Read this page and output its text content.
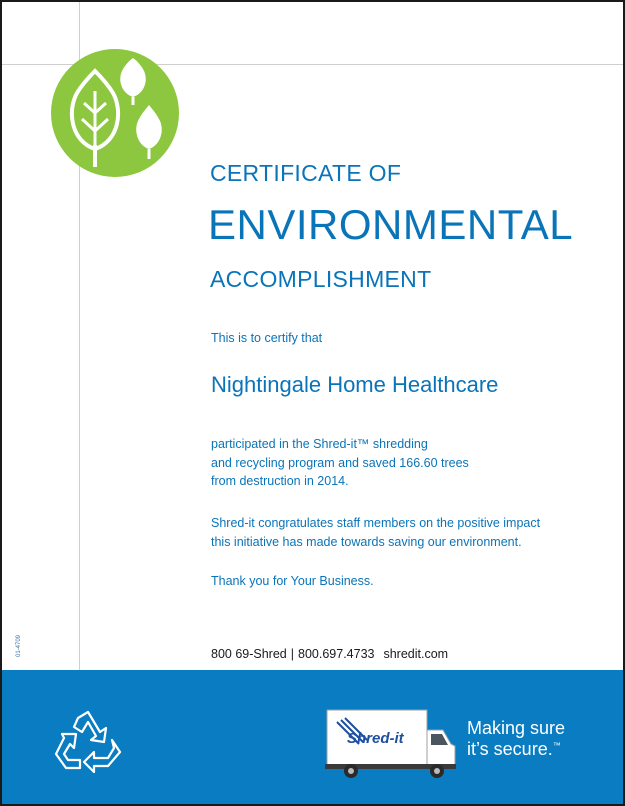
CERTIFICATE OF
ENVIRONMENTAL
ACCOMPLISHMENT
This is to certify that
Nightingale Home Healthcare
participated in the Shred-it™ shredding
and recycling program and saved 166.60 trees
from destruction in 2014.
Shred-it congratulates staff members on the positive impact
this initiative has made towards saving our environment.
Thank you for Your Business.
800 69-Shred | 800.697.4733 shredit.com
01-4709
Shred-it
Making sure
it’s secure.™
